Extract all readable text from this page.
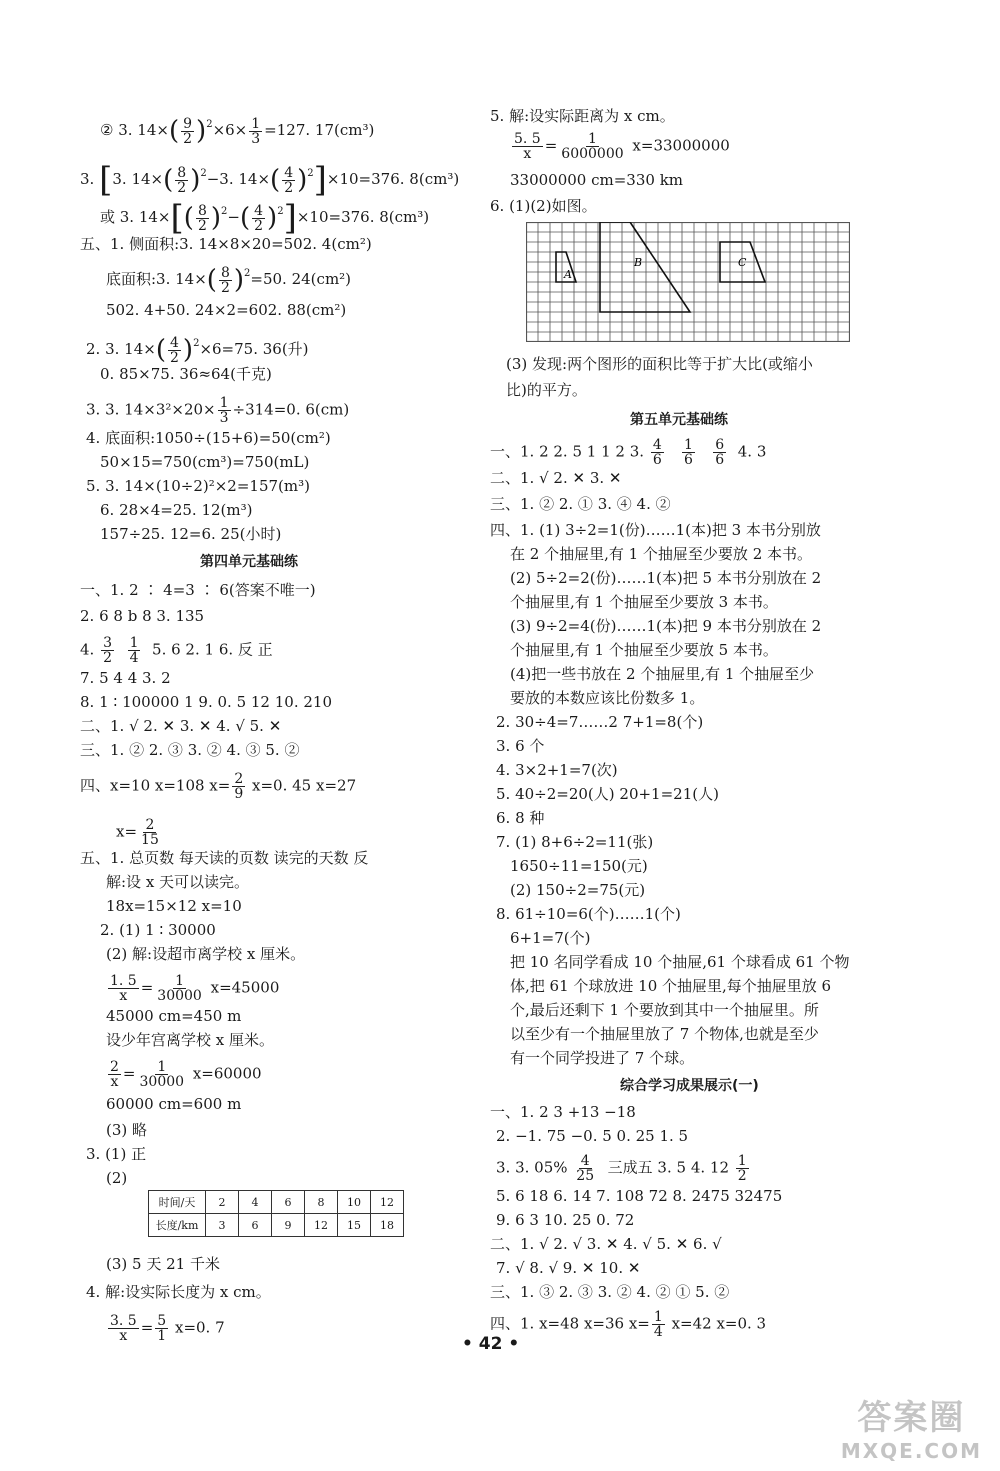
② 3. $14\times( \frac{9}{2} )^2\times 6\times \frac{1}{3} =127$. 17(cm³)
3. [3. $14\times( \frac{8}{2} )^2-3$. $14\times( \frac{4}{2} )^2]\times 10=376$. 8(cm³)
或 3. $14\times[( \frac{8}{2} )^2-( \frac{4}{2} )^2]\times 10=376$. 8(cm³)
五、1. 侧面积:3. 14×8×20=502. 4(cm²)
底面积:3. $14\times( \frac{8}{2} )^2=50$. 24(cm²)
502. 4+50. 24×2=602. 88(cm²)
2. 3. $14\times( \frac{4}{2} )^2\times 6=75$. 36(升)
0. 85×75. 36≈64(千克)
3. 3. $14\times 3^2\times 20\times \frac{1}{3} \div 314=0$. 6(cm)
4. 底面积:1050÷(15+6)=50(cm²)
50×15=750(cm³)=750(mL)
5. 3. 14×(10÷2)²×2=157(m³)
6. 28×4=25. 12(m³)
157÷25. 12=6. 25(小时)
第四单元基础练
一、1. 2 ∶ 4=3 ∶ 6(答案不唯一)
2. 6 8 b 8 3. 135
4. $\frac{3}{2}$
$\frac{1}{4} 5$. 6 2. 1 6. 反 正
7. 5 4 4 3. 2
8. 1 ∶ 100000 1 9. 0. 5 12 10. 210
二、1. √ 2. ✕ 3. ✕ 4. √ 5. ✕
三、1. ② 2. ③ 3. ② 4. ③ 5. ②
四、x=10 x=108 $x= \frac{2}{9} x=0$. 45 x=27
$x= \frac{2}{15}$
五、1. 总页数 每天读的页数 读完的天数 反
解:设 x 天可以读完。
18x=15×12 x=10
2. (1) 1 ∶ 30000
(2) 解:设超市离学校 x 厘米。
$\frac{1. 5}{x} = \frac{1}{30000} x=45000$
45000 cm=450 m
设少年宫离学校 x 厘米。
$\frac{2}{x} = \frac{1}{30000} x=60000$
60000 cm=600 m
(3) 略
3. (1) 正
(2)
时间/天	2	4	6	8	10	12
长度/km	3	6	9	12	15	18
(3) 5 天 21 千米
4. 解:设实际长度为 x cm。
$\frac{3. 5}{x} = \frac{5}{1} x=0$. 7
5. 解:设实际距离为 x cm。
$\frac{5. 5}{x} = \frac{1}{6000000} x=33000000$
33000000 cm=330 km
6. (1)(2)如图。
A
B	C
(3) 发现:两个图形的面积比等于扩大比(或缩小
比)的平方。
第五单元基础练
一、1. 2 2. 5 1 1 2 3. $\frac{4}{6}$
$\frac{1}{6}$
$\frac{6}{6} 4$. 3
二、1. √ 2. ✕ 3. ✕
三、1. ② 2. ① 3. ④ 4. ②
四、1. (1) 3÷2=1(份)……1(本)把 3 本书分别放
在 2 个抽屉里,有 1 个抽屉至少要放 2 本书。
(2) 5÷2=2(份)……1(本)把 5 本书分别放在 2
个抽屉里,有 1 个抽屉至少要放 3 本书。
(3) 9÷2=4(份)……1(本)把 9 本书分别放在 2
个抽屉里,有 1 个抽屉至少要放 5 本书。
(4)把一些书放在 2 个抽屉里,有 1 个抽屉至少
要放的本数应该比份数多 1。
2. 30÷4=7……2 7+1=8(个)
3. 6 个
4. 3×2+1=7(次)
5. 40÷2=20(人) 20+1=21(人)
6. 8 种
7. (1) 8+6÷2=11(张)
1650÷11=150(元)
(2) 150÷2=75(元)
8. 61÷10=6(个)……1(个)
6+1=7(个)
把 10 名同学看成 10 个抽屉,61 个球看成 61 个物
体,把 61 个球放进 10 个抽屉里,每个抽屉里放 6
个,最后还剩下 1 个要放到其中一个抽屉里。所
以至少有一个抽屉里放了 7 个物体,也就是至少
有一个同学投进了 7 个球。
综合学习成果展示(一)
一、1. 2 3 +13 −18
2. −1. 75 −0. 5 0. 25 1. 5
3. 3. $05\% \frac{4}{25}$ 三成五 3. 5 4. $12 \frac{1}{2}$
5. 6 18 6. 14 7. 108 72 8. 2475 32475
9. 6 3 10. 25 0. 72
二、1. √ 2. √ 3. ✕ 4. √ 5. ✕ 6. √
7. √ 8. √ 9. ✕ 10. ✕
三、1. ③ 2. ③ 3. ② 4. ② ① 5. ②
四、1. x=48 x=36 $x= \frac{1}{4} x=42$ x=0. 3
• 42 •
答案圈
MXQE.COM
